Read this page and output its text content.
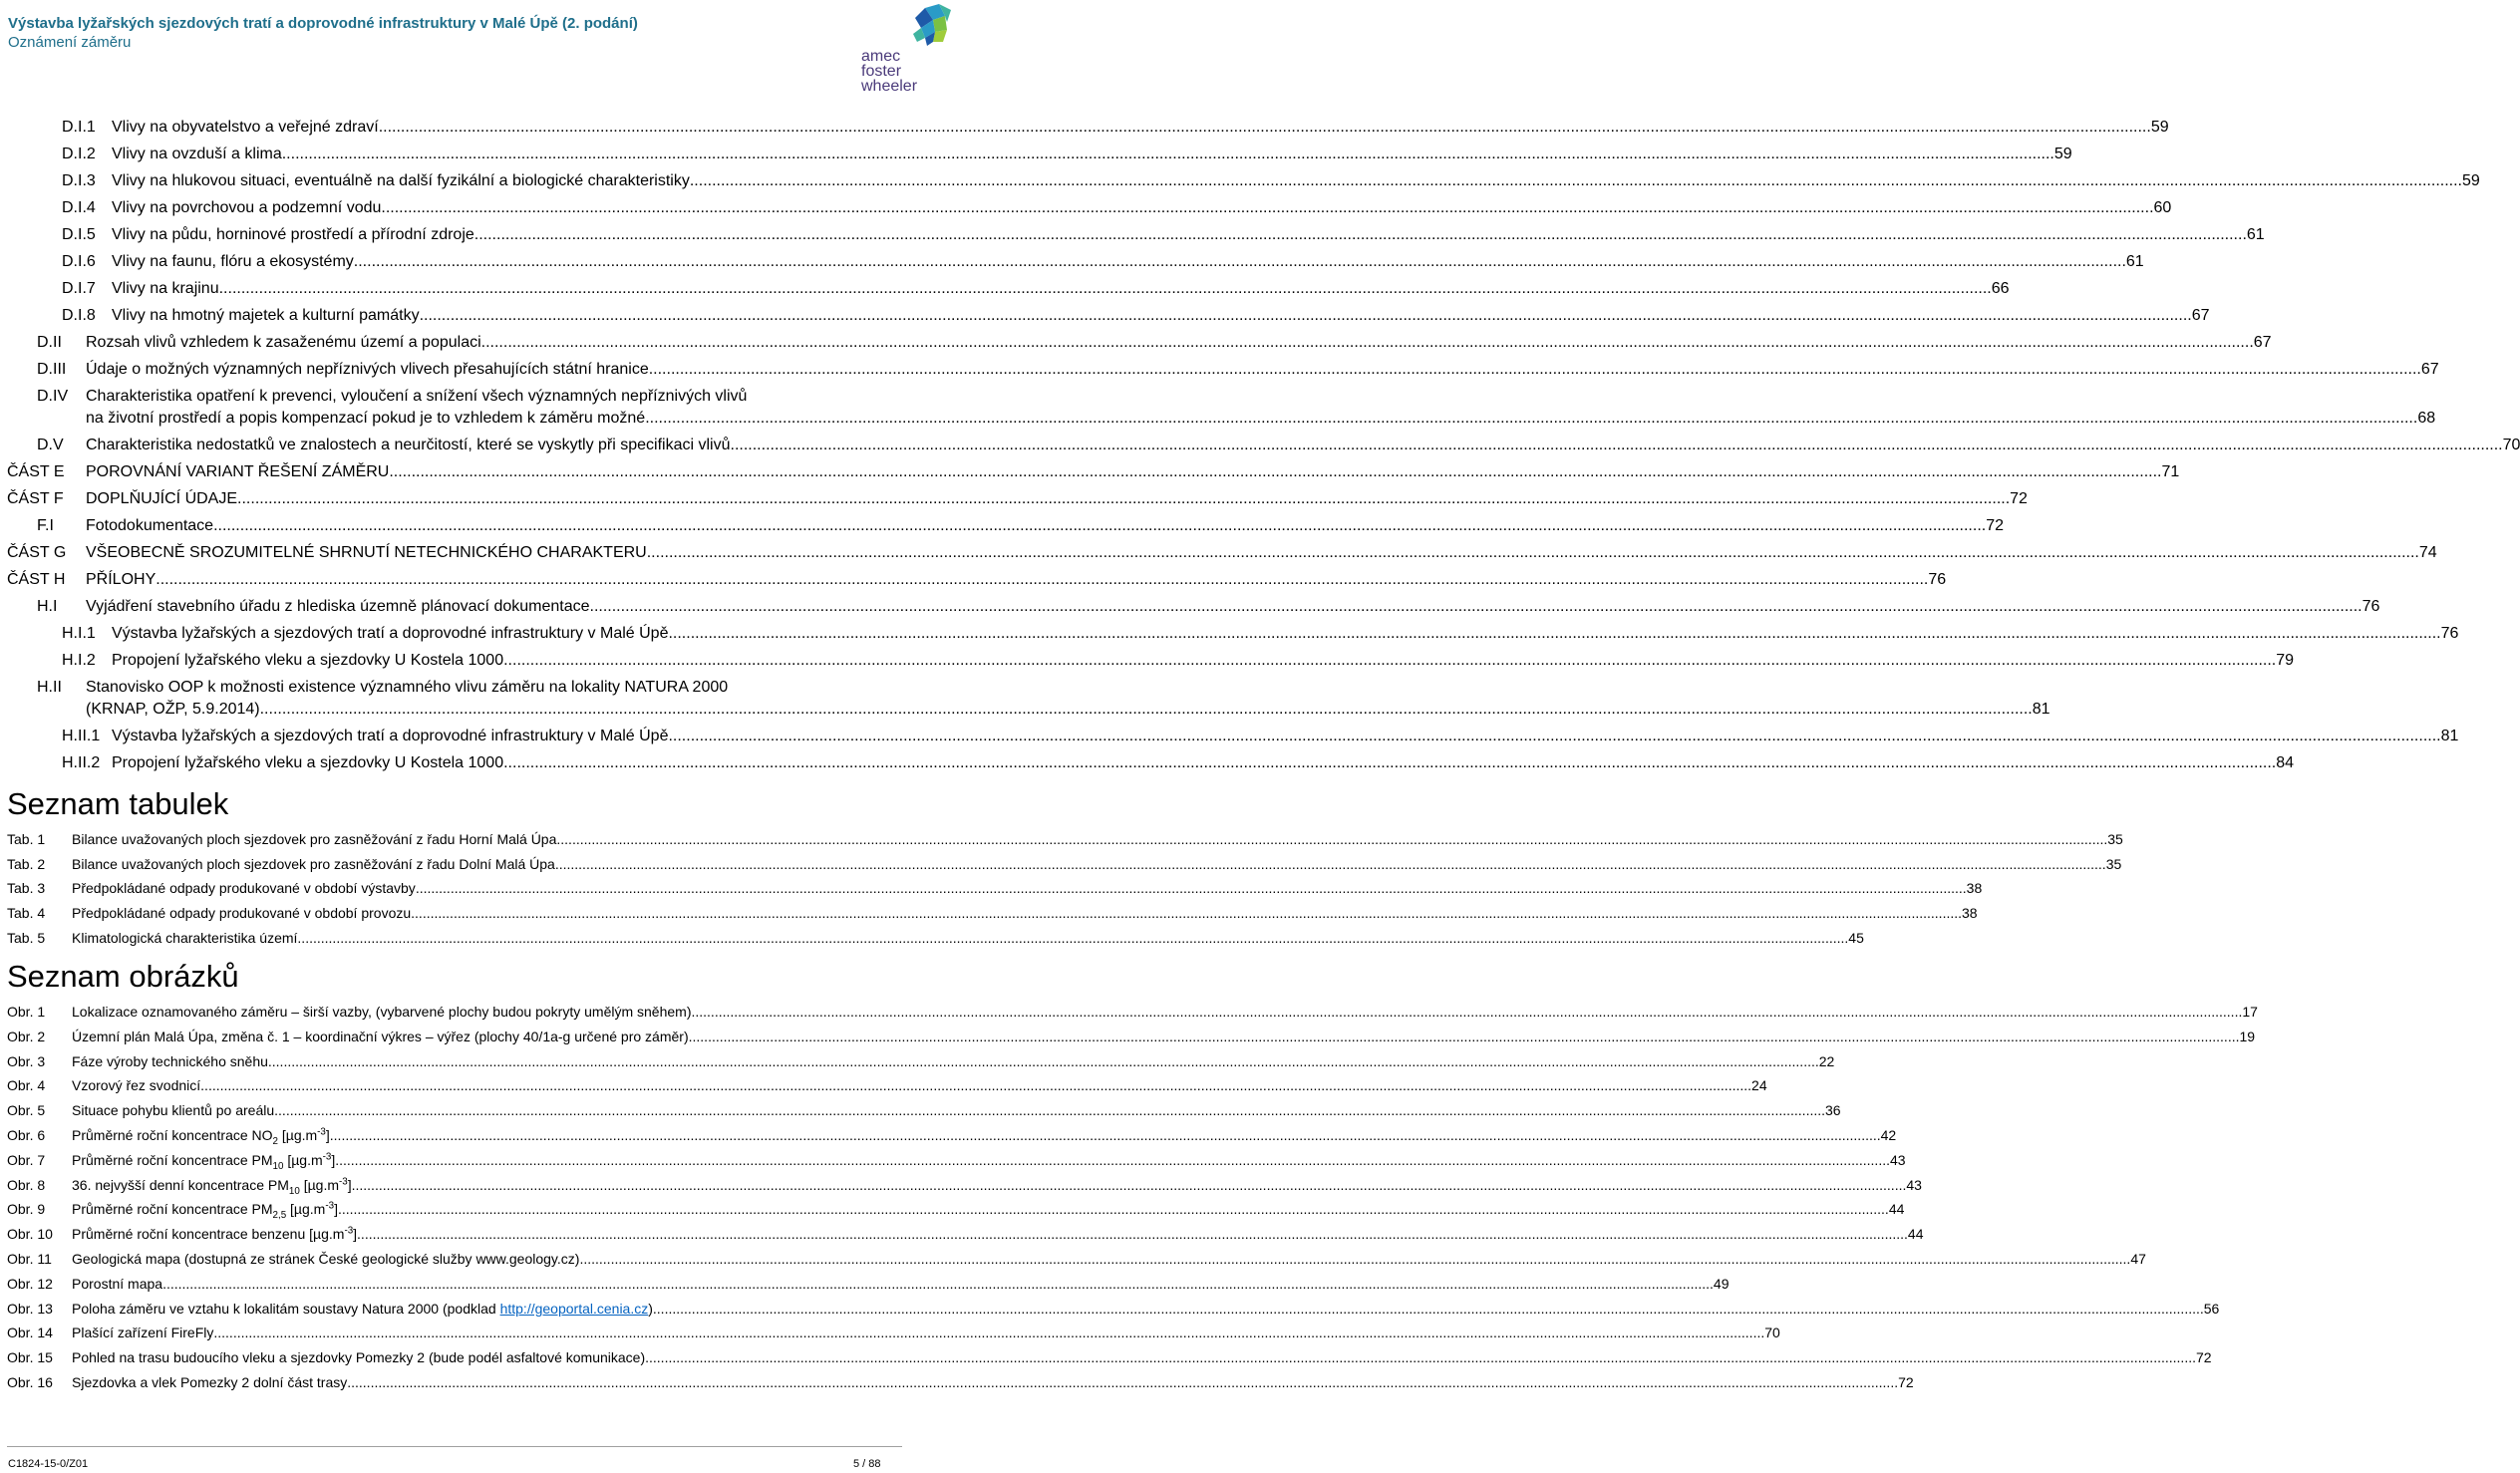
Výstavba lyžařských sjezdových tratí a doprovodné infrastruktury v Malé Úpě (2. podání)
Oznámení záměru
amec
foster
wheeler
D.I.1 Vlivy na obyvatelstvo a veřejné zdraví ................................................................................................................................................................................................................................................................................................................................................................................................................ 59
D.I.2 Vlivy na ovzduší a klima ................................................................................................................................................................................................................................................................................................................................................................................................................ 59
D.I.3 Vlivy na hlukovou situaci, eventuálně na další fyzikální a biologické charakteristiky ................................................................................................................................................................................................................................................................................................................................................................................................................ 59
D.I.4 Vlivy na povrchovou a podzemní vodu ................................................................................................................................................................................................................................................................................................................................................................................................................ 60
D.I.5 Vlivy na půdu, horninové prostředí a přírodní zdroje ................................................................................................................................................................................................................................................................................................................................................................................................................ 61
D.I.6 Vlivy na faunu, flóru a ekosystémy ................................................................................................................................................................................................................................................................................................................................................................................................................ 61
D.I.7 Vlivy na krajinu ................................................................................................................................................................................................................................................................................................................................................................................................................ 66
D.I.8 Vlivy na hmotný majetek a kulturní památky ................................................................................................................................................................................................................................................................................................................................................................................................................ 67
D.II Rozsah vlivů vzhledem k zasaženému území a populaci ................................................................................................................................................................................................................................................................................................................................................................................................................ 67
D.III Údaje o možných významných nepříznivých vlivech přesahujících státní hranice ................................................................................................................................................................................................................................................................................................................................................................................................................ 67
D.IV Charakteristika opatření k prevenci, vyloučení a snížení všech významných nepříznivých vlivů
na životní prostředí a popis kompenzací pokud je to vzhledem k záměru možné ................................................................................................................................................................................................................................................................................................................................................................................................................ 68
D.V Charakteristika nedostatků ve znalostech a neurčitostí, které se vyskytly při specifikaci vlivů ................................................................................................................................................................................................................................................................................................................................................................................................................ 70
ČÁST E POROVNÁNÍ VARIANT ŘEŠENÍ ZÁMĚRU ................................................................................................................................................................................................................................................................................................................................................................................................................ 71
ČÁST F DOPLŇUJÍCÍ ÚDAJE ................................................................................................................................................................................................................................................................................................................................................................................................................ 72
F.I Fotodokumentace ................................................................................................................................................................................................................................................................................................................................................................................................................ 72
ČÁST G VŠEOBECNĚ SROZUMITELNÉ SHRNUTÍ NETECHNICKÉHO CHARAKTERU ................................................................................................................................................................................................................................................................................................................................................................................................................ 74
ČÁST H PŘÍLOHY ................................................................................................................................................................................................................................................................................................................................................................................................................ 76
H.I Vyjádření stavebního úřadu z hlediska územně plánovací dokumentace ................................................................................................................................................................................................................................................................................................................................................................................................................ 76
H.I.1 Výstavba lyžařských a sjezdových tratí a doprovodné infrastruktury v Malé Úpě ................................................................................................................................................................................................................................................................................................................................................................................................................ 76
H.I.2 Propojení lyžařského vleku a sjezdovky U Kostela 1000 ................................................................................................................................................................................................................................................................................................................................................................................................................ 79
H.II Stanovisko OOP k možnosti existence významného vlivu záměru na lokality NATURA 2000
(KRNAP, OŽP, 5.9.2014) ................................................................................................................................................................................................................................................................................................................................................................................................................ 81
H.II.1 Výstavba lyžařských a sjezdových tratí a doprovodné infrastruktury v Malé Úpě ................................................................................................................................................................................................................................................................................................................................................................................................................ 81
H.II.2 Propojení lyžařského vleku a sjezdovky U Kostela 1000 ................................................................................................................................................................................................................................................................................................................................................................................................................ 84
Seznam tabulek
Tab. 1 Bilance uvažovaných ploch sjezdovek pro zasněžování z řadu Horní Malá Úpa ................................................................................................................................................................................................................................................................................................................................................................................................................ 35
Tab. 2 Bilance uvažovaných ploch sjezdovek pro zasněžování z řadu Dolní Malá Úpa ................................................................................................................................................................................................................................................................................................................................................................................................................ 35
Tab. 3 Předpokládané odpady produkované v období výstavby ................................................................................................................................................................................................................................................................................................................................................................................................................ 38
Tab. 4 Předpokládané odpady produkované v období provozu ................................................................................................................................................................................................................................................................................................................................................................................................................ 38
Tab. 5 Klimatologická charakteristika území ................................................................................................................................................................................................................................................................................................................................................................................................................ 45
Seznam obrázků
Obr. 1 Lokalizace oznamovaného záměru – širší vazby, (vybarvené plochy budou pokryty umělým sněhem) ................................................................................................................................................................................................................................................................................................................................................................................................................ 17
Obr. 2 Územní plán Malá Úpa, změna č. 1 – koordinační výkres – výřez (plochy 40/1a-g určené pro záměr) ................................................................................................................................................................................................................................................................................................................................................................................................................ 19
Obr. 3 Fáze výroby technického sněhu ................................................................................................................................................................................................................................................................................................................................................................................................................ 22
Obr. 4 Vzorový řez svodnicí ................................................................................................................................................................................................................................................................................................................................................................................................................ 24
Obr. 5 Situace pohybu klientů po areálu ................................................................................................................................................................................................................................................................................................................................................................................................................ 36
Obr. 6 Průměrné roční koncentrace $NO_2$ $[\mu g.m^{-3}]$ ................................................................................................................................................................................................................................................................................................................................................................................................................ 42
Obr. 7 Průměrné roční koncentrace $PM_{10}$ $[\mu g.m^{-3}]$. ................................................................................................................................................................................................................................................................................................................................................................................................................ 43
Obr. 8 36. nejvyšší denní koncentrace $PM_{10}$ $[\mu g.m^{-3}]$. ................................................................................................................................................................................................................................................................................................................................................................................................................ 43
Obr. 9 Průměrné roční koncentrace $PM_{2,5}$ $[\mu g.m^{-3}]$ ................................................................................................................................................................................................................................................................................................................................................................................................................ 44
Obr. 10 Průměrné roční koncentrace benzenu $[\mu g.m^{-3}]$ ................................................................................................................................................................................................................................................................................................................................................................................................................ 44
Obr. 11 Geologická mapa (dostupná ze stránek České geologické služby www.geology.cz) ................................................................................................................................................................................................................................................................................................................................................................................................................ 47
Obr. 12 Porostní mapa ................................................................................................................................................................................................................................................................................................................................................................................................................ 49
Obr. 13 Poloha záměru ve vztahu k lokalitám soustavy Natura 2000 (podklad http://geoportal.cenia.cz) ................................................................................................................................................................................................................................................................................................................................................................................................................ 56
Obr. 14 Plašící zařízení FireFly ................................................................................................................................................................................................................................................................................................................................................................................................................ 70
Obr. 15 Pohled na trasu budoucího vleku a sjezdovky Pomezky 2 (bude podél asfaltové komunikace) ................................................................................................................................................................................................................................................................................................................................................................................................................ 72
Obr. 16 Sjezdovka a vlek Pomezky 2 dolní část trasy ................................................................................................................................................................................................................................................................................................................................................................................................................ 72
C1824-15-0/Z01	5 / 88
